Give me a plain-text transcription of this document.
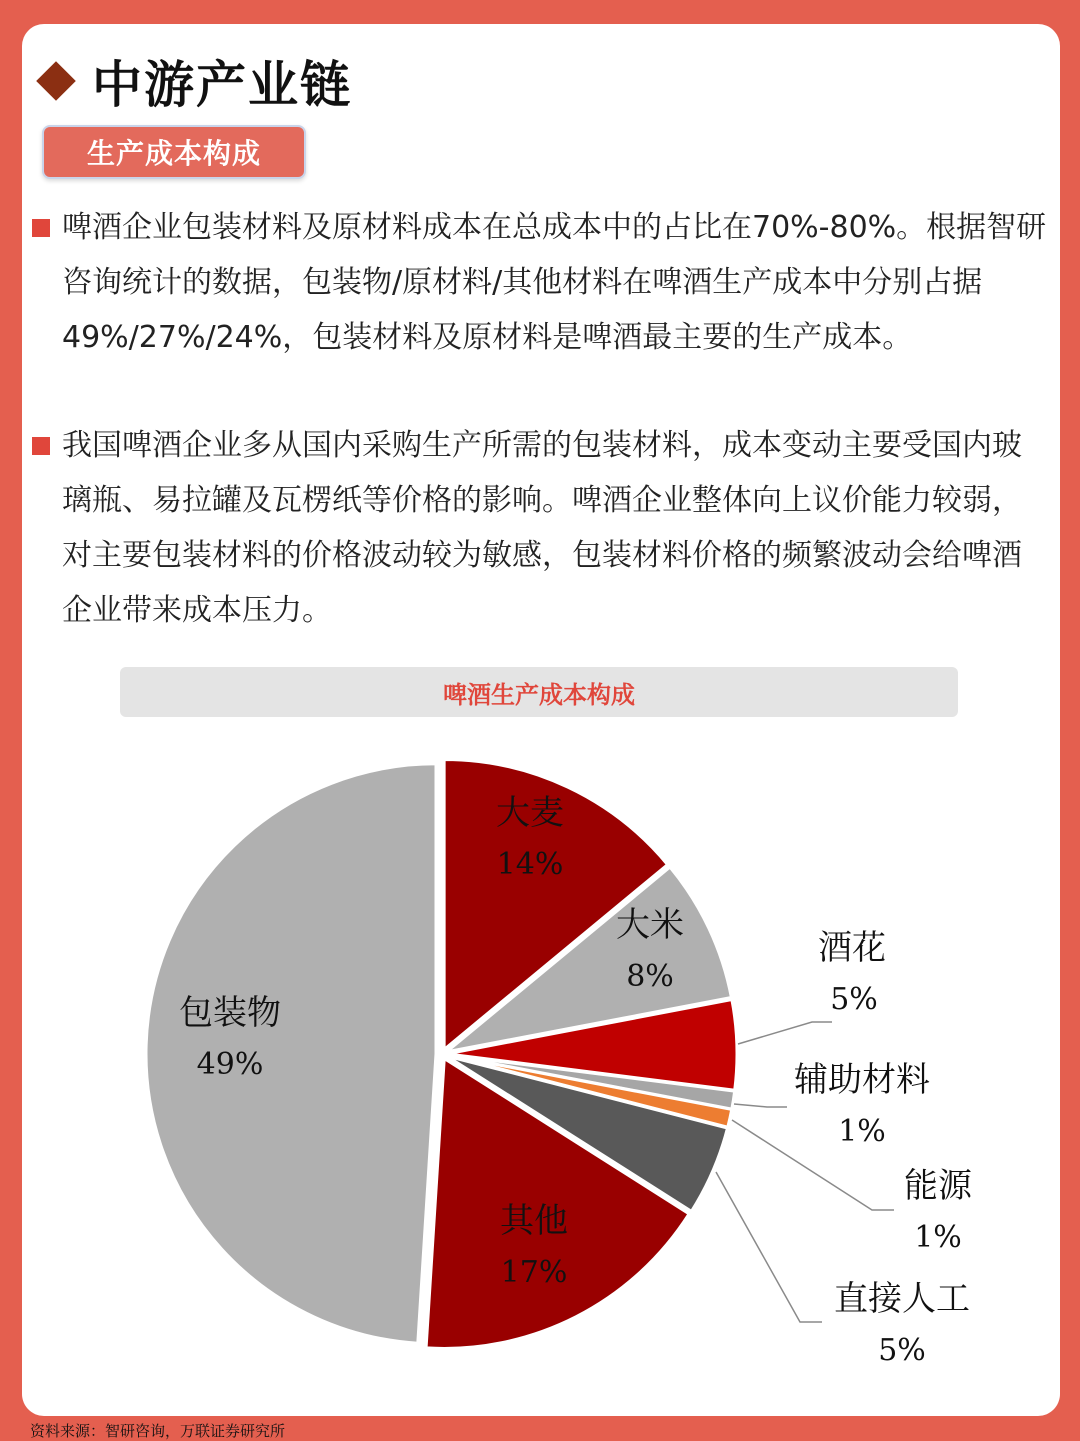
中游产业链
生产成本构成
啤酒企业包装材料及原材料成本在总成本中的占比在70%-80%。根据智研咨询统计的数据，包装物/原材料/其他材料在啤酒生产成本中分别占据49%/27%/24%，包装材料及原材料是啤酒最主要的生产成本。
我国啤酒企业多从国内采购生产所需的包装材料，成本变动主要受国内玻璃瓶、易拉罐及瓦楞纸等价格的影响。啤酒企业整体向上议价能力较弱，对主要包装材料的价格波动较为敏感，包装材料价格的频繁波动会给啤酒企业带来成本压力。
啤酒生产成本构成
大麦
14%
大米
8%
酒花
5%
辅助材料
1%
能源
1%
直接人工
5%
其他
17%
包装物
49%
资料来源：智研咨询，万联证券研究所
